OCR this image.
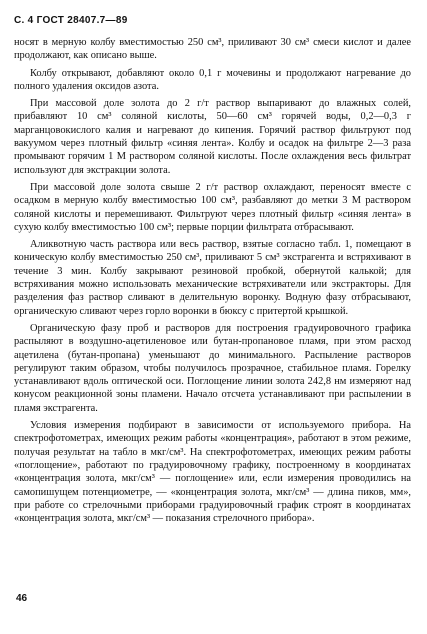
С. 4 ГОСТ 28407.7—89

носят в мерную колбу вместимостью 250 см³, приливают 30 см³ смеси кислот и далее продолжают, как описано выше.

Колбу открывают, добавляют около 0,1 г мочевины и продолжают нагревание до полного удаления оксидов азота.

При массовой доле золота до 2 г/т раствор выпаривают до влажных солей, прибавляют 10 см³ соляной кислоты, 50—60 см³ горячей воды, 0,2—0,3 г марганцовокислого калия и нагревают до кипения. Горячий раствор фильтруют под вакуумом через плотный фильтр «синяя лента». Колбу и осадок на фильтре 2—3 раза промывают горячим 1 М раствором соляной кислоты. После охлаждения весь фильтрат используют для экстракции золота.

При массовой доле золота свыше 2 г/т раствор охлаждают, переносят вместе с осадком в мерную колбу вместимостью 100 см³, разбавляют до метки 3 М раствором соляной кислоты и перемешивают. Фильтруют через плотный фильтр «синяя лента» в сухую колбу вместимостью 100 см³; первые порции фильтрата отбрасывают.

Аликвотную часть раствора или весь раствор, взятые согласно табл. 1, помещают в коническую колбу вместимостью 250 см³, приливают 5 см³ экстрагента и встряхивают в течение 3 мин. Колбу закрывают резиновой пробкой, обернутой калькой; для встряхивания можно использовать механические встряхиватели или экстракторы. Для разделения фаз раствор сливают в делительную воронку. Водную фазу отбрасывают, органическую сливают через горло воронки в бюксу с притертой крышкой.

Органическую фазу проб и растворов для построения градуировочного графика распыляют в воздушно-ацетиленовое или бутан-пропановое пламя, при этом расход ацетилена (бутан-пропана) уменьшают до минимального. Распыление растворов регулируют таким образом, чтобы получилось прозрачное, стабильное пламя. Горелку устанавливают вдоль оптической оси. Поглощение линии золота 242,8 нм измеряют над конусом реакционной зоны пламени. Начало отсчета устанавливают при распылении в пламя экстрагента.

Условия измерения подбирают в зависимости от используемого прибора. На спектрофотометрах, имеющих режим работы «концентрация», работают в этом режиме, получая результат на табло в мкг/см³. На спектрофотометрах, имеющих режим работы «поглощение», работают по градуировочному графику, построенному в координатах «концентрация золота, мкг/см³ — поглощение» или, если измерения проводились на самопишущем потенциометре, — «концентрация золота, мкг/см³ — длина пиков, мм», при работе со стрелочными приборами градуировочный график строят в координатах «концентрация золота, мкг/см³ — показания стрелочного прибора».

46
